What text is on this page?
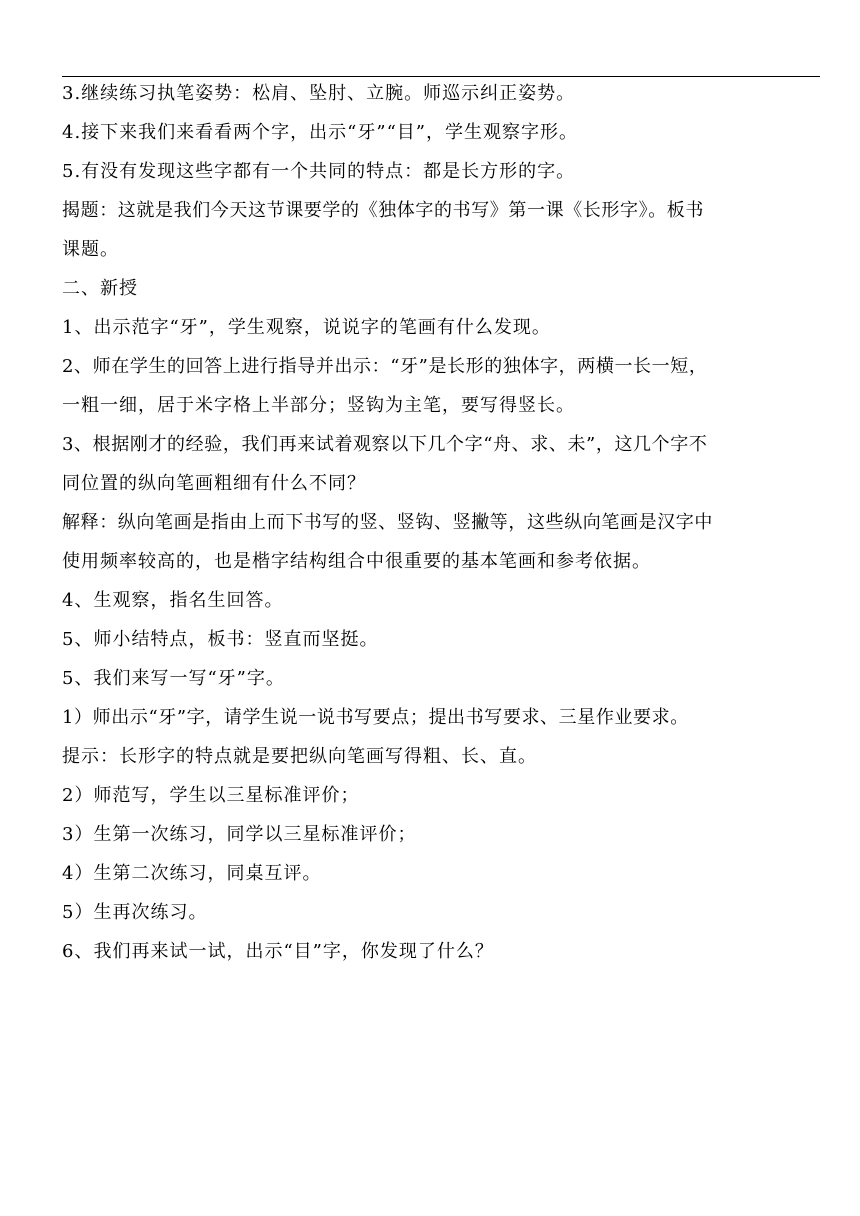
3.继续练习执笔姿势：松肩、坠肘、立腕。师巡示纠正姿势。
4.接下来我们来看看两个字，出示“牙”“目”，学生观察字形。
5.有没有发现这些字都有一个共同的特点：都是长方形的字。
揭题：这就是我们今天这节课要学的《独体字的书写》第一课《长形字》。板书
课题。
二、新授
1、出示范字“牙”，学生观察，说说字的笔画有什么发现。
2、师在学生的回答上进行指导并出示：“牙”是长形的独体字，两横一长一短，
一粗一细，居于米字格上半部分；竖钩为主笔，要写得竖长。
3、根据刚才的经验，我们再来试着观察以下几个字“舟、求、未”，这几个字不
同位置的纵向笔画粗细有什么不同？
解释：纵向笔画是指由上而下书写的竖、竖钩、竖撇等，这些纵向笔画是汉字中
使用频率较高的，也是楷字结构组合中很重要的基本笔画和参考依据。
4、生观察，指名生回答。
5、师小结特点，板书：竖直而坚挺。
5、我们来写一写“牙”字。
1）师出示“牙”字，请学生说一说书写要点；提出书写要求、三星作业要求。
提示：长形字的特点就是要把纵向笔画写得粗、长、直。
2）师范写，学生以三星标准评价；
3）生第一次练习，同学以三星标准评价；
4）生第二次练习，同桌互评。
5）生再次练习。
6、我们再来试一试，出示“目”字，你发现了什么？
